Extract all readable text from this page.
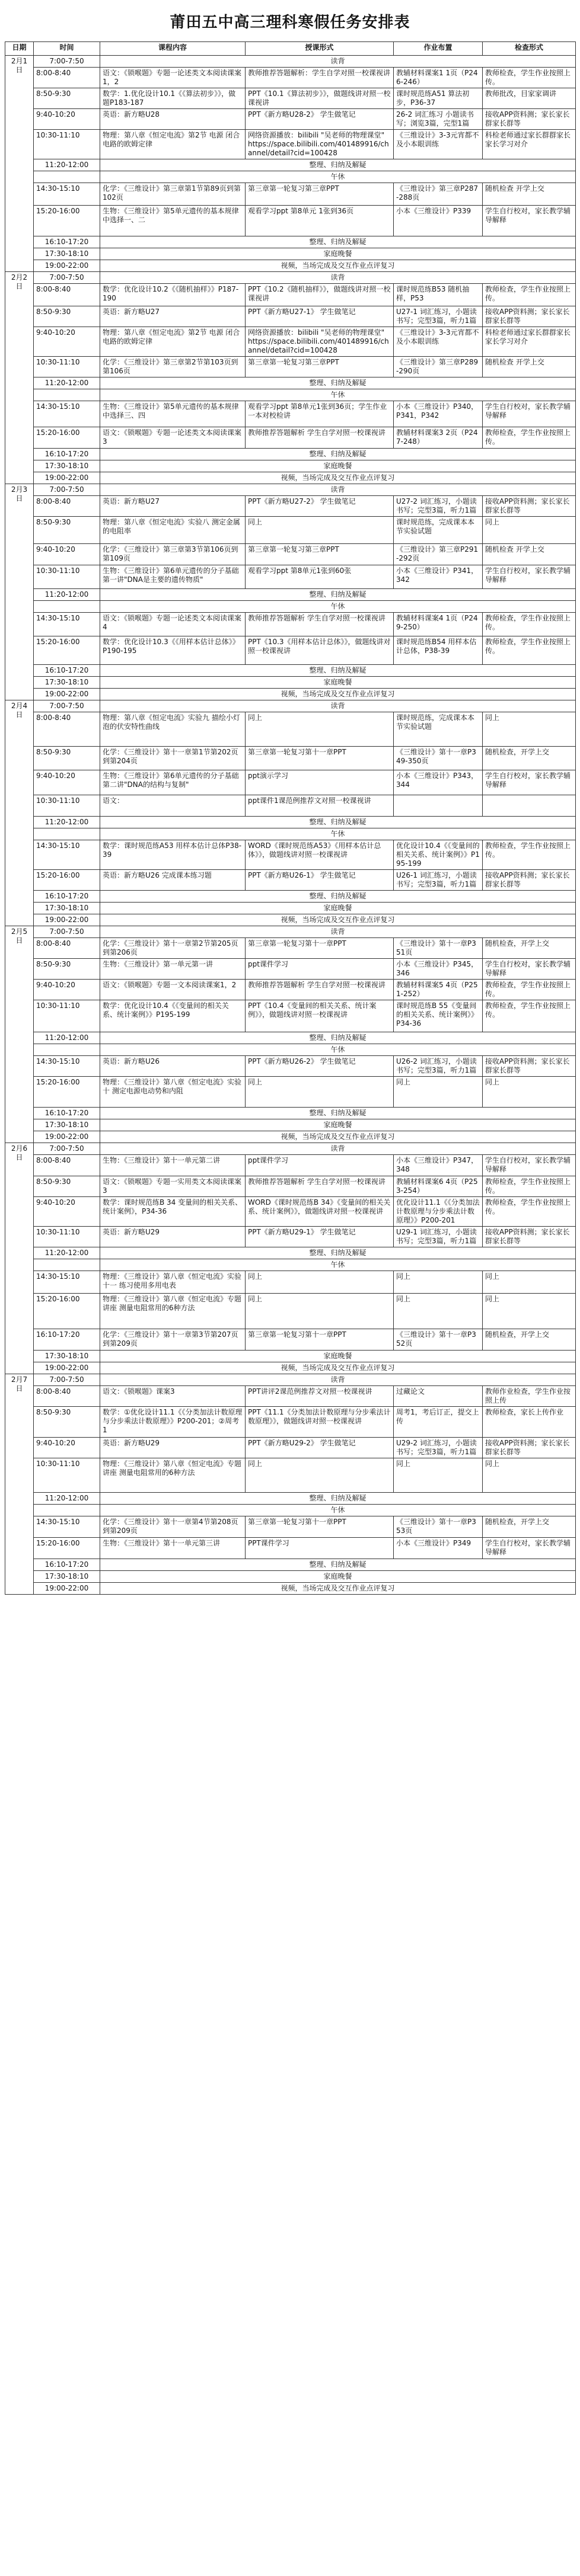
莆田五中高三理科寒假任务安排表
日期	时间	课程内容	授课形式	作业布置	检查形式
2月1日	7:00-7:50	读背			
	8:00-8:40	语文：《锁喉题》专题一论述类文本阅读课案1，2	教师推荐答题解析：学生自学对照一校课视讲	教辅材料课案1 1页（P246-246）	教师检查，学生作业按照上传。
	8:50-9:30	数学：1.优化设计10.1《《算法初步》》，做题P183-187	PPT《10.1《算法初步》》，做题线讲对照一校课视讲	课时规范练A51 算法初步，P36-37	教师批改，目家家调讲
	9:40-10:20	英语：新方略U28	PPT《新方略U28-2》 学生做笔记	26-2 词汇练习 小题读书写；浏览3篇，完型1篇	接收APP资料测；家长家长群家长群等
	10:30-11:10	物理：第八章《恒定电流》第2节 电源 闭合电路的欧姆定律	网络资源播放：bilibili "吴老师的物理课堂" https://space.bilibili.com/401489916/channel/detail?cid=100428	《三维设计》3-3元宵都不及小本眼训练	科检老师通过家长群群家长家长学习对介
	11:20-12:00	整理、归纳及解疑			
		午休			
	14:30-15:10	化学：《三维设计》第三章第1节第89页到第102页	第三章第一轮复习第三章PPT	《三维设计》第三章P287-288页	随机检查 开学上交
	15:20-16:00	生物：《三维设计》第5单元遗传的基本规律中选择一、二	观看学习ppt 第8单元 1张到36页	小本《三维设计》P339	学生自行校对，家长教学辅导解释
	16:10-17:20	整理、归纳及解疑			
	17:30-18:10	家庭晚餐			
	19:00-22:00	视频，当场完成及交互作业点评复习			
2月2日	7:00-7:50	读背			
	8:00-8:40	数学：优化设计10.2《《随机抽样》》P187-190	PPT《10.2《随机抽样》》，做题线讲对照一校课视讲	课时规范练B53 随机抽样，P53	教师检查，学生作业按照上传。
	8:50-9:30	英语：新方略U27	PPT《新方略U27-1》 学生做笔记	U27-1 词汇练习，小题读书写；完型3篇，听力1篇	接收APP资料测；家长家长群家长群等
	9:40-10:20	物理：第八章《恒定电流》第2节 电源 闭合电路的欧姆定律	网络资源播放：bilibili "吴老师的物理课堂" https://space.bilibili.com/401489916/channel/detail?cid=100428	《三维设计》3-3元宵都不及小本眼训练	科检老师通过家长群群家长家长学习对介
	10:30-11:10	化学：《三维设计》第三章第2节第103页到第106页	第三章第一轮复习第三章PPT	《三维设计》第三章P289-290页	随机检查 开学上交
	11:20-12:00	整理、归纳及解疑			
		午休			
	14:30-15:10	生物：《三维设计》第5单元遗传的基本规律中选择三、四	观看学习ppt 第8单元1张到36页；学生作业一本对校检讲	小本《三维设计》P340，P341，P342	学生自行校对，家长教学辅导解释
	15:20-16:00	语文：《锁喉题》专题一论述类文本阅读课案3	教师推荐答题解析 学生自学对照一校课视讲	教辅材料课案3 2页（P247-248）	教师检查，学生作业按照上传。
	16:10-17:20	整理、归纳及解疑			
	17:30-18:10	家庭晚餐			
	19:00-22:00	视频，当场完成及交互作业点评复习			
2月3日	7:00-7:50	读背			
	8:00-8:40	英语：新方略U27	PPT《新方略U27-2》 学生做笔记	U27-2 词汇练习，小题读书写；完型3篇，听力1篇	接收APP资料测；家长家长群家长群等
	8:50-9:30	物理：第八章《恒定电流》实验八 测定金属的电阻率	同上	课时规范练，完成课本本节实验试题	同上
	9:40-10:20	化学：《三维设计》第三章第3节第106页到第109页	第三章第一轮复习第三章PPT	《三维设计》第三章P291-292页	随机检查 开学上交
	10:30-11:10	生物：《三维设计》第6单元遗传的分子基础第一讲"DNA是主要的遗传物质"	观看学习ppt 第8单元1张到60张	小本《三维设计》P341，342	学生自行校对，家长教学辅导解释
	11:20-12:00	整理、归纳及解疑			
		午休			
	14:30-15:10	语文：《锁喉题》专题一论述类文本阅读课案4	教师推荐答题解析 学生自学对照一校课视讲	教辅材料课案4 1页（P249-250）	教师检查，学生作业按照上传。
	15:20-16:00	数学：优化设计10.3《《用样本估计总体》》P190-195	PPT《10.3《用样本估计总体》》，做题线讲对照一校课视讲	课时规范练B54 用样本估计总体，P38-39	教师检查，学生作业按照上传。
	16:10-17:20	整理、归纳及解疑			
	17:30-18:10	家庭晚餐			
	19:00-22:00	视频，当场完成及交互作业点评复习			
2月4日	7:00-7:50	读背			
	8:00-8:40	物理：第八章《恒定电流》实验九 描绘小灯泡的伏安特性曲线	同上	课时规范练，完成课本本节实验试题	同上
	8:50-9:30	化学：《三维设计》第十一章第1节第202页到第204页	第三章第一轮复习第十一章PPT	《三维设计》第十一章P349-350页	随机检查，开学上交
	9:40-10:20	生物：《三维设计》第6单元遗传的分子基础第二讲"DNA的结构与复制"	ppt演示学习	小本《三维设计》P343，344	学生自行校对，家长教学辅导解释
	10:30-11:10	语文：	ppt课件1课范例推荐文对照一校课视讲		
	11:20-12:00	整理、归纳及解疑			
		午休			
	14:30-15:10	数学：课时规范练A53 用样本估计总体P38-39	WORD《课时规范练A53》《用样本估计总体》》，做题线讲对照一校课视讲	优化设计10.4《《变量间的相关关系、统计案例》》P195-199	教师检查，学生作业按照上传。
	15:20-16:00	英语：新方略U26 完成课本练习题	PPT《新方略U26-1》 学生做笔记	U26-1 词汇练习，小题读书写；完型3篇，听力1篇	接收APP资料测；家长家长群家长群等
	16:10-17:20	整理、归纳及解疑			
	17:30-18:10	家庭晚餐			
	19:00-22:00	视频，当场完成及交互作业点评复习			
2月5日	7:00-7:50	读背			
	8:00-8:40	化学：《三维设计》第十一章第2节第205页到第206页	第三章第一轮复习第十一章PPT	《三维设计》第十一章P351页	随机检查，开学上交
	8:50-9:30	生物：《三维设计》第一单元第一讲	ppt课件学习	小本《三维设计》P345，346	学生自行校对，家长教学辅导解释
	9:40-10:20	语文：《锁喉题》专题一文本阅读课案1，2	教师推荐答题解析 学生自学对照一校课视讲	教辅材料课案5 4页（P251-252）	教师检查，学生作业按照上传。
	10:30-11:10	数学：优化设计10.4《《变量间的相关关系、统计案例》》P195-199	PPT《10.4《变量间的相关关系、统计案例》》，做题线讲对照一校课视讲	课时规范练B 55《变量间的相关关系、统计案例》》P34-36	教师检查，学生作业按照上传。
	11:20-12:00	整理、归纳及解疑			
		午休			
	14:30-15:10	英语：新方略U26	PPT《新方略U26-2》 学生做笔记	U26-2 词汇练习，小题读书写；完型3篇，听力1篇	接收APP资料测；家长家长群家长群等
	15:20-16:00	物理：《三维设计》第八章《恒定电流》实验十 测定电源电动势和内阻	同上	同上	同上
	16:10-17:20	整理、归纳及解疑			
	17:30-18:10	家庭晚餐			
	19:00-22:00	视频，当场完成及交互作业点评复习			
2月6日	7:00-7:50	读背			
	8:00-8:40	生物：《三维设计》第十一单元第二讲	ppt课件学习	小本《三维设计》P347，348	学生自行校对，家长教学辅导解释
	8:50-9:30	语文：《锁喉题》专题一实用类文本阅读课案3	教师推荐答题解析 学生自学对照一校课视讲	教辅材料课案6 4页（P253-254）	教师检查，学生作业按照上传。
	9:40-10:20	数学：课时规范练B 34 变量间的相关关系、统计案例》，P34-36	WORD《课时规范练B 34》《变量间的相关关系、统计案例》》，做题线讲对照一校课视讲	优化设计11.1《《分类加法计数原理与分步乘法计数原理》》P200-201	教师检查，学生作业按照上传。
	10:30-11:10	英语：新方略U29	PPT《新方略U29-1》 学生做笔记	U29-1 词汇练习，小题读书写；完型3篇，听力1篇	接收APP资料测；家长家长群家长群等
	11:20-12:00	整理、归纳及解疑			
		午休			
	14:30-15:10	物理：《三维设计》第八章《恒定电流》实验十一 练习使用多用电表	同上	同上	同上
	15:20-16:00	物理：《三维设计》第八章《恒定电流》专题讲座 测量电阻常用的6种方法	同上	同上	同上
	16:10-17:20	化学：《三维设计》第十一章第3节第207页到第209页	第三章第一轮复习第十一章PPT	《三维设计》第十一章P352页	随机检查，开学上交
	17:30-18:10	家庭晚餐			
	19:00-22:00	视频，当场完成及交互作业点评复习			
2月7日	7:00-7:50	读背			
	8:00-8:40	语文：《锁喉题》课案3	PPT讲评2课范例推荐文对照一校课视讲	过藏论文	教师作业检查，学生作业按照上传
	8:50-9:30	数学：①优化设计11.1《《分类加法计数原理与分步乘法计数原理》》P200-201；②周考1	PPT《11.1《分类加法计数原理与分步乘法计数原理》》，做题线讲对照一校课视讲	周考1，考后订正，提交上传	教师检查，家长上传作业
	9:40-10:20	英语：新方略U29	PPT《新方略U29-2》 学生做笔记	U29-2 词汇练习，小题读书写；完型3篇，听力1篇	接收APP资料测；家长家长群家长群等
	10:30-11:10	物理：《三维设计》第八章《恒定电流》专题讲座 测量电阻常用的6种方法	同上	同上	同上
	11:20-12:00	整理、归纳及解疑			
		午休			
	14:30-15:10	化学：《三维设计》第十一章第4节第208页到第209页	第三章第一轮复习第十一章PPT	《三维设计》第十一章P353页	随机检查，开学上交
	15:20-16:00	生物：《三维设计》第十一单元第三讲	PPT课件学习	小本《三维设计》P349	学生自行校对，家长教学辅导解释
	16:10-17:20	整理、归纳及解疑			
	17:30-18:10	家庭晚餐			
	19:00-22:00	视频，当场完成及交互作业点评复习			
